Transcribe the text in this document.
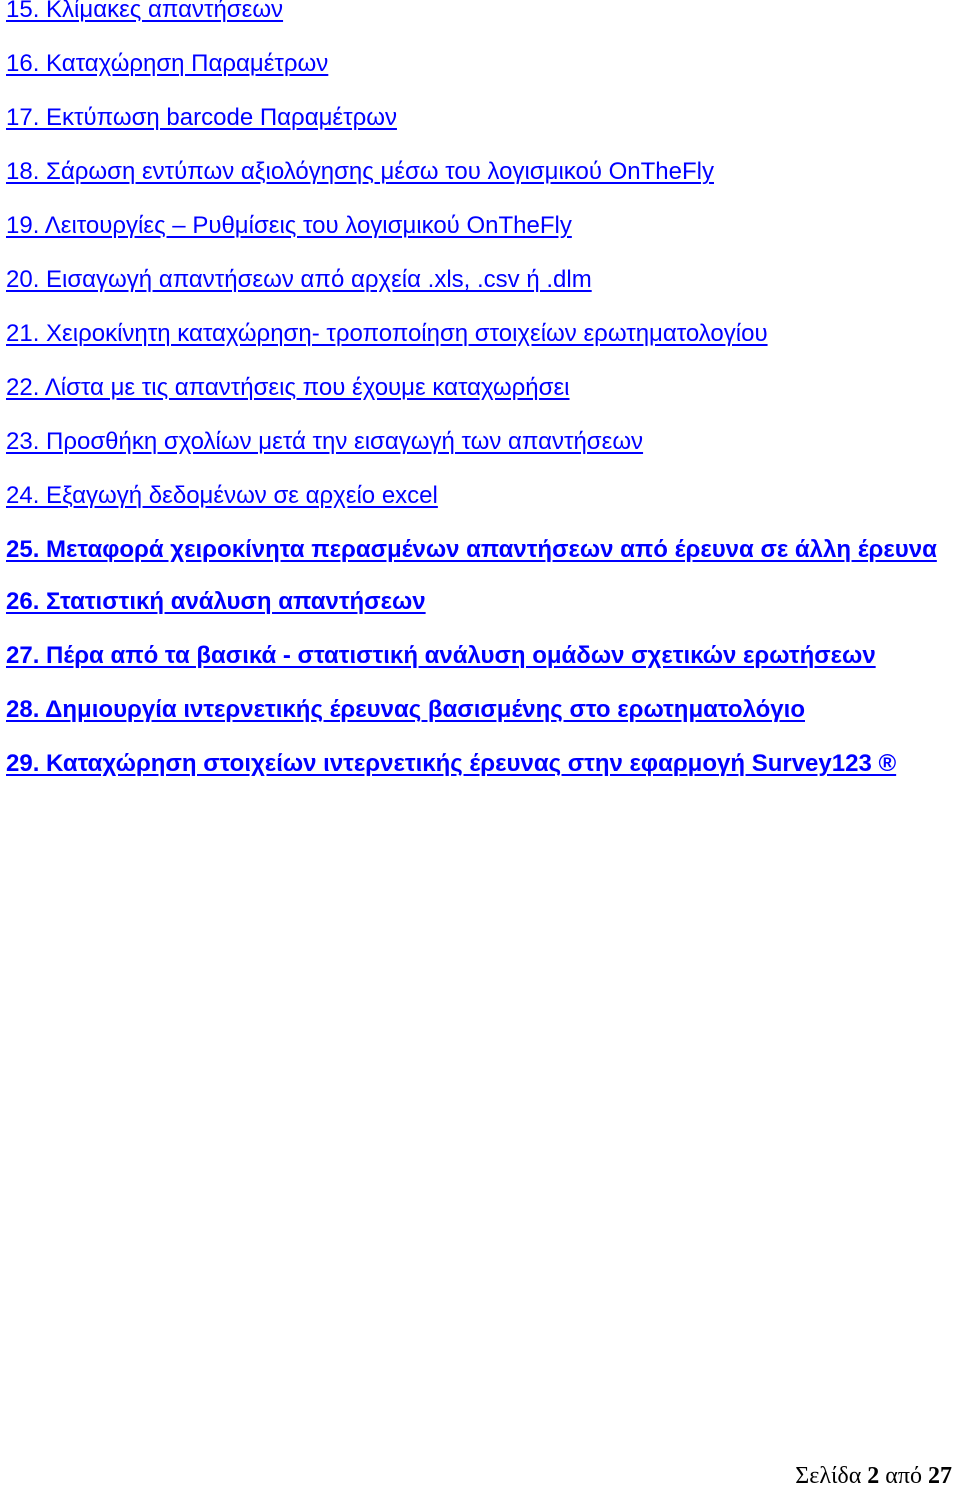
15. Κλίμακες απαντήσεων
16. Καταχώρηση Παραμέτρων
17. Εκτύπωση barcode Παραμέτρων
18. Σάρωση εντύπων αξιολόγησης μέσω του λογισμικού OnTheFly
19. Λειτουργίες – Ρυθμίσεις του λογισμικού OnTheFly
20. Εισαγωγή απαντήσεων από αρχεία .xls, .csv ή .dlm
21. Χειροκίνητη καταχώρηση- τροποποίηση στοιχείων ερωτηματολογίου
22. Λίστα με τις απαντήσεις που έχουμε καταχωρήσει
23. Προσθήκη σχολίων μετά την εισαγωγή των απαντήσεων
24. Εξαγωγή δεδομένων σε αρχείο excel
25. Μεταφορά χειροκίνητα περασμένων απαντήσεων από έρευνα σε άλλη έρευνα
26. Στατιστική ανάλυση απαντήσεων
27. Πέρα από τα βασικά - στατιστική ανάλυση ομάδων σχετικών ερωτήσεων
28. Δημιουργία ιντερνετικής έρευνας βασισμένης στο ερωτηματολόγιο
29. Καταχώρηση στοιχείων ιντερνετικής έρευνας στην εφαρμογή Survey123 ®
Σελίδα 2 από 27
